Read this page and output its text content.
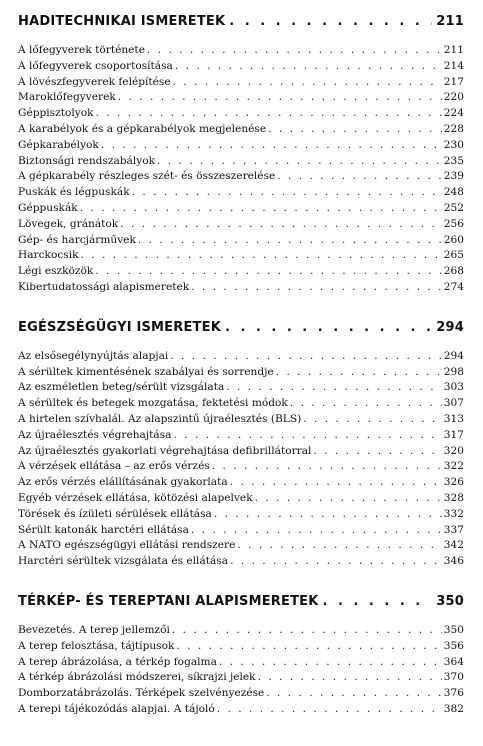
HADITECHNIKAI ISMERETEK . . .	211
A lőfegyverek története . . .	211
A lőfegyverek csoportosítása . . .	214
A lövészfegyverek felépítése . . .	217
Maroklőfegyverek . . .	220
Géppisztolyok . . .	224
A karabélyok és a gépkarabélyok megjelenése . . .	228
Gépkarabélyok . . .	230
Biztonsági rendszabályok . . .	235
A gépkarabély részleges szét- és összeszerelése . . .	239
Puskák és légpuskák . . .	248
Géppuskák . . .	252
Lövegek, gránátok . . .	256
Gép- és harcjárművek . . .	260
Harckocsik . . .	265
Légi eszközök . . .	268
Kibertudatossági alapismeretek . . .	274
EGÉSZSÉGÜGYI ISMERETEK . . .	294
Az elsősegélynyújtás alapjai . . .	294
A sérültek kimentésének szabályai és sorrendje . . .	298
Az eszméletlen beteg/sérült vizsgálata . . .	303
A sérültek és betegek mozgatása, fektetési módok . . .	307
A hirtelen szívhalál. Az alapszintű újraélesztés (BLS) . . .	313
Az újraélesztés végrehajtása . . .	317
Az újraélesztés gyakorlati végrehajtása defibrillátorral . . .	320
A vérzések ellátása – az erős vérzés . . .	322
Az erős vérzés elállításának gyakorlata . . .	326
Egyéb vérzések ellátása, kötözési alapelvek . . .	328
Törések és ízületi sérülések ellátása . . .	332
Sérült katonák harctéri ellátása . . .	337
A NATO egészségügyi ellátási rendszere . . .	342
Harctéri sérültek vizsgálata és ellátása . . .	346
TÉRKÉP- ÉS TEREPTANI ALAPISMERETEK . . .	350
Bevezetés. A terep jellemzői . . .	350
A terep felosztása, tájtípusok . . .	356
A terep ábrázolása, a térkép fogalma . . .	364
A térkép ábrázolási módszerei, síkrajzi jelek . . .	370
Domborzatábrázolás. Térképek szelvényezése . . .	376
A terepi tájékozódás alapjai. A tájoló . . .	382
